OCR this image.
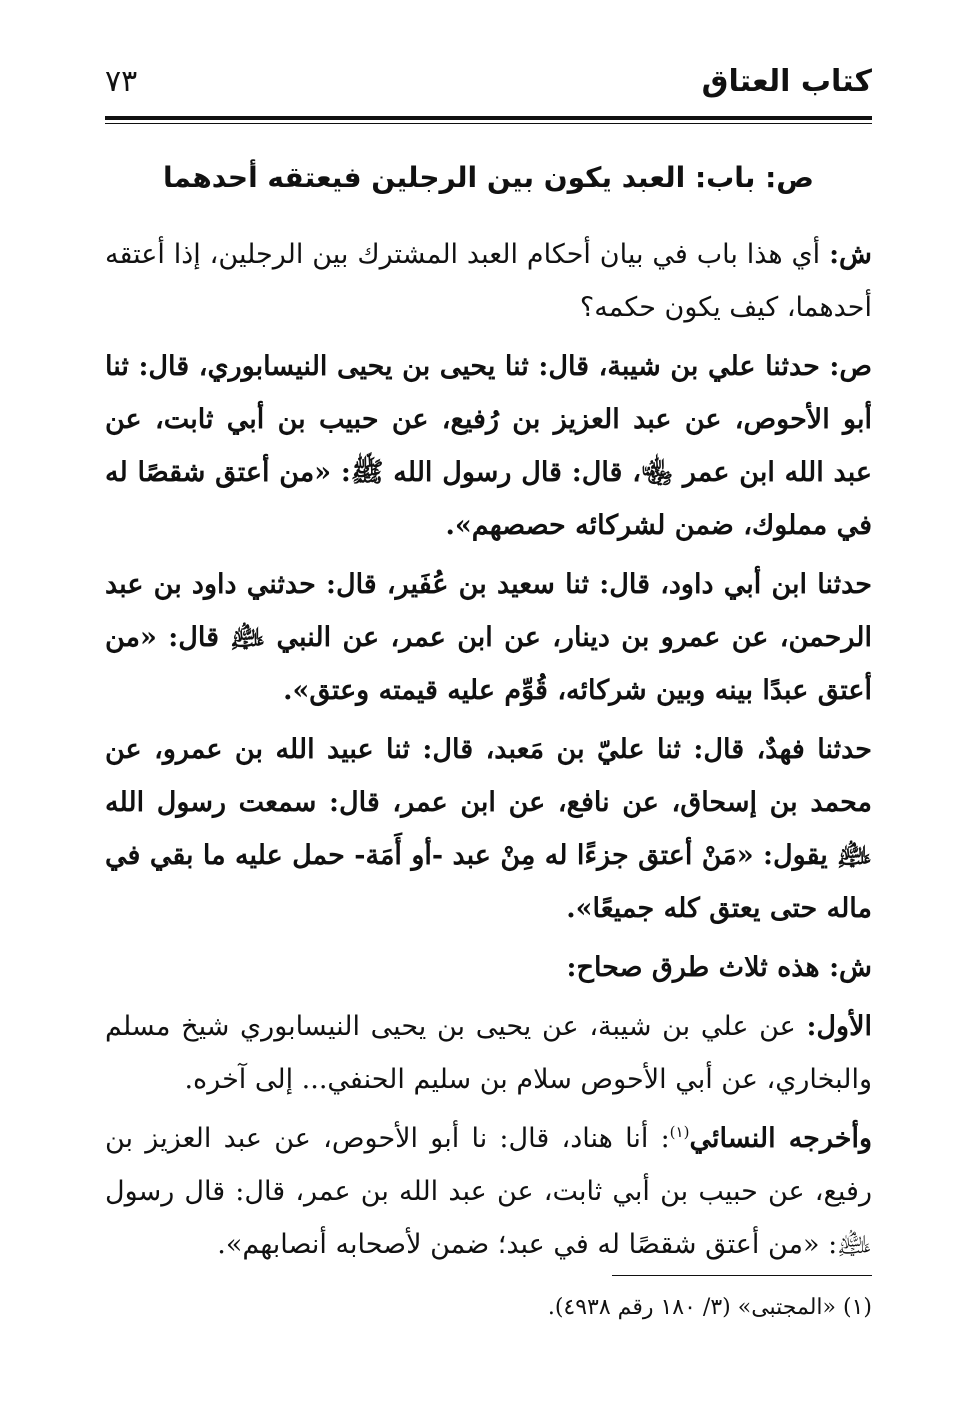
كتاب العتاق
٧٣
ص: باب: العبد يكون بين الرجلين فيعتقه أحدهما

ش: أي هذا باب في بيان أحكام العبد المشترك بين الرجلين، إذا أعتقه أحدهما، كيف يكون حكمه؟

ص: حدثنا علي بن شيبة، قال: ثنا يحيى بن يحيى النيسابوري، قال: ثنا أبو الأحوص، عن عبد العزيز بن رُفيع، عن حبيب بن أبي ثابت، عن عبد الله ابن عمر ﵄، قال: قال رسول الله ﷺ: «من أعتق شقصًا له في مملوك، ضمن لشركائه حصصهم».

حدثنا ابن أبي داود، قال: ثنا سعيد بن عُفَير، قال: حدثني داود بن عبد الرحمن، عن عمرو بن دينار، عن ابن عمر، عن النبي ﵇ قال: «من أعتق عبدًا بينه وبين شركائه، قُوِّم عليه قيمته وعتق».

حدثنا فهدٌ، قال: ثنا عليّ بن مَعبد، قال: ثنا عبيد الله بن عمرو، عن محمد بن إسحاق، عن نافع، عن ابن عمر، قال: سمعت رسول الله ﵇ يقول: «مَنْ أعتق جزءًا له مِنْ عبد -أو أَمَة- حمل عليه ما بقي في ماله حتى يعتق كله جميعًا».

ش: هذه ثلاث طرق صحاح:

الأول: عن علي بن شيبة، عن يحيى بن يحيى النيسابوري شيخ مسلم والبخاري، عن أبي الأحوص سلام بن سليم الحنفي... إلى آخره.

وأخرجه النسائي$^{(١)}$: أنا هناد، قال: نا أبو الأحوص، عن عبد العزيز بن رفيع، عن حبيب بن أبي ثابت، عن عبد الله بن عمر، قال: قال رسول ﵇: «من أعتق شقصًا له في عبد؛ ضمن لأصحابه أنصابهم».

(١) «المجتبى» (٣/ ١٨٠ رقم ٤٩٣٨).
